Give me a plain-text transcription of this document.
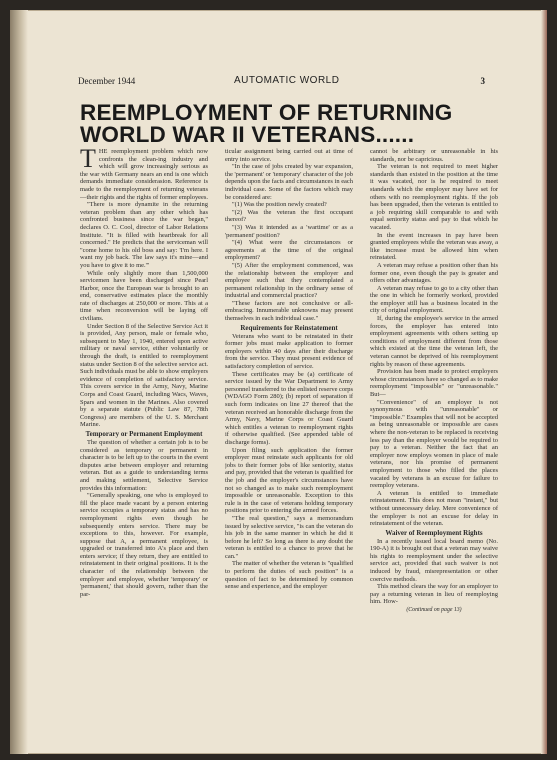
December 1944	AUTOMATIC WORLD	3
REEMPLOYMENT OF RETURNING WORLD WAR II VETERANS......

THE reemployment problem which now confronts the clean-ing industry and which will grow increasingly serious as the war with Germany nears an end is one which demands immediate considerasion. Reference is made to the reemployment of returning veterans—their rights and the rights of former employees.

"There is more dynamite in the returning veteran problem than any other which has confronted business since the war began," declares O. C. Cool, director of Labor Relations Institute. "It is filled with heartbreak for all concerned." He predicts that the serviceman will "come home to his old boss and say: 'I'm here. I want my job back. The law says it's mine—and you have to give it to me.'"

While only slightly more than 1,500,000 servicemen have been discharged since Pearl Harbor, once the European war is brought to an end, conservative estimates place the monthly rate of discharges at 250,000 or more. This at a time when reconversion will be laying off civilians.

Under Section 8 of the Selective Service Act it is provided, Any person, male or female who, subsequent to May 1, 1940, entered upon active military or naval service, either voluntarily or through the draft, is entitled to reemployment status under Section 8 of the selective service act. Such individuals must be able to show employers evidence of completion of satisfactory service. This covers service in the Army, Navy, Marine Corps and Coast Guard, including Wacs, Waves, Spars and women in the Marines. Also covered by a separate statute (Public Law 87, 78th Congress) are members of the U. S. Merchant Marine.

Temporary or Permanent Employment

The question of whether a certain job is to be considered as temporary or permanent in character is to be left up to the courts in the event disputes arise between employer and returning veteran. But as a guide to understanding terms and making settlement, Selective Service provides this information:

"Generally speaking, one who is employed to fill the place made vacant by a person entering service occupies a temporary status and has no reemployment rights even though he subsequently enters service. There may be exceptions to this, however. For example, suppose that A, a permanent employee, is upgraded or transferred into A's place and then enters service; if they return, they are entitled to reinstatement in their original positions. It is the character of the relationship between the employer and employee, whether 'temporary' or 'permanent,' that should govern, rather than the par-

ticular assignment being carried out at time of entry into service.

"In the case of jobs created by war expansion, the 'permanent' or 'temporary' character of the job depends upon the facts and circumstances in each individual case. Some of the factors which may be considered are:

"(1) Was the position newly created?

"(2) Was the veteran the first occupant thereof?

"(3) Was it intended as a 'wartime' or as a 'permanent' position?

"(4) What were the circumstances or agreements at the time of the original employment?

"(5) After the employment commenced, was the relationship between the employer and employee such that they contemplated a permanent relationship in the ordinary sense of industrial and commercial practice?

"These factors are not conclusive or all-embracing. Innumerable unknowns may present themselves in each individual case."

Requirements for Reinstatement

Veterans who want to be reinstated in their former jobs must make application to former employers within 40 days after their discharge from the service. They must present evidence of satisfactory completion of service.

These certificates may be (a) certificate of service issued by the War Department to Army personnel transferred to the enlisted reserve corps (WDAGO Form 280); (b) report of separation if such form indicates on line 27 thereof that the veteran received an honorable discharge from the Army, Navy, Marine Corps or Coast Guard which entitles a veteran to reemployment rights if otherwise qualified. (See appended table of discharge forms).

Upon filing such application the former employer must reinstate such applicants for old jobs to their former jobs of like seniority, status and pay, provided that the veteran is qualified for the job and the employer's circumstances have not so changed as to make such reemployment impossible or unreasonable. Exception to this rule is in the case of veterans holding temporary positions prior to entering the armed forces.

"The real question," says a memorandum issued by selective service, "is can the veteran do his job in the same manner in which he did it before he left? So long as there is any doubt the veteran is entitled to a chance to prove that he can."

The matter of whether the veteran is "qualified to perform the duties of such position" is a question of fact to be determined by common sense and experience, and the employer

cannot be arbitrary or unreasonable in his standards, nor be capricious.

The veteran is not required to meet higher standards than existed in the position at the time it was vacated, nor is he required to meet standards which the employer may have set for others with no reemployment rights. If the job has been upgraded, then the veteran is entitled to a job requiring skill comparable to and with equal seniority status and pay to that which he vacated.

In the event increases in pay have been granted employees while the veteran was away, a like increase must be allowed him when reinstated.

A veteran may refuse a position other than his former one, even though the pay is greater and offers other advantages.

A veteran may refuse to go to a city other than the one in which he formerly worked, provided the employer still has a business located in the city of original employment.

If, during the employee's service in the armed forces, the employer has entered into employment agreements with others setting up conditions of employment different from those which existed at the time the veteran left, the veteran cannot be deprived of his reemployment rights by reason of these agreements.

Provision has been made to protect employers whose circumstances have so changed as to make reemployment "impossible" or "unreasonable." But—

"Convenience" of an employer is not synonymous with "unreasonable" or "impossible." Examples that will not be accepted as being unreasonable or impossible are cases where the non-veteran to be replaced is receiving less pay than the employer would be required to pay to a veteran. Neither the fact that an employer now employs women in place of male veterans, nor his promise of permanent employment to those who filled the places vacated by veterans is an excuse for failure to reemploy veterans.

A veteran is entitled to immediate reinstatement. This does not mean "instant," but without unnecessary delay. Mere convenience of the employer is not an excuse for delay in reinstatement of the veteran.

Waiver of Reemployment Rights

In a recently issued local board memo (No. 190-A) it is brought out that a veteran may waive his rights to reemployment under the selective service act, provided that such waiver is not induced by fraud, misrepresentation or other coercive methods.

This method clears the way for an employer to pay a returning veteran in lieu of reemploying him. How-

(Continued on page 13)
